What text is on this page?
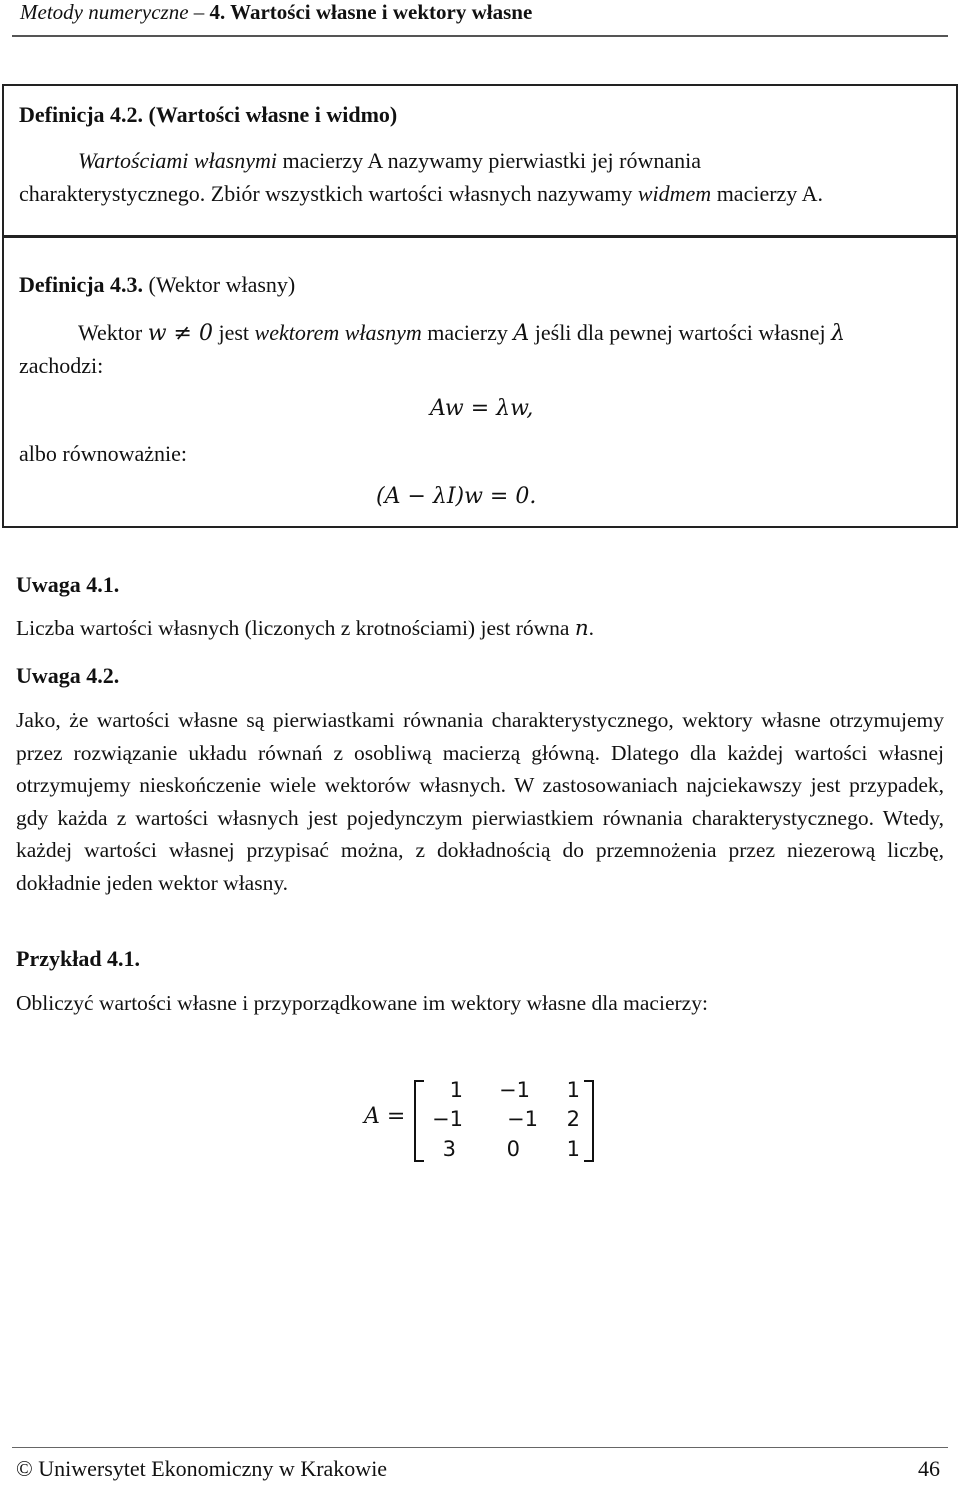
Metody numeryczne – 4. Wartości własne i wektory własne
Definicja 4.2. (Wartości własne i widmo)
Wartościami własnymi macierzy A nazywamy pierwiastki jej równania
charakterystycznego. Zbiór wszystkich wartości własnych nazywamy widmem macierzy A.
Definicja 4.3. (Wektor własny)
Wektor w ≠ 0 jest wektorem własnym macierzy A jeśli dla pewnej wartości własnej λ
zachodzi:
Aw = λw,
albo równoważnie:
(A − λI)w = 0.
Uwaga 4.1.
Liczba wartości własnych (liczonych z krotnościami) jest równa n.
Uwaga 4.2.
Jako, że wartości własne są pierwiastkami równania charakterystycznego, wektory własne otrzymujemy przez rozwiązanie układu równań z osobliwą macierzą główną. Dlatego dla każdej wartości własnej otrzymujemy nieskończenie wiele wektorów własnych. W zastosowaniach najciekawszy jest przypadek, gdy każda z wartości własnych jest pojedynczym pierwiastkiem równania charakterystycznego. Wtedy, każdej wartości własnej przypisać można, z dokładnością do przemnożenia przez niezerową liczbę, dokładnie jeden wektor własny.
Przykład 4.1.
Obliczyć wartości własne i przyporządkowane im wektory własne dla macierzy:
A =
1	−1	1
−1	−1	2
3	0	1
© Uniwersytet Ekonomiczny w Krakowie	46
